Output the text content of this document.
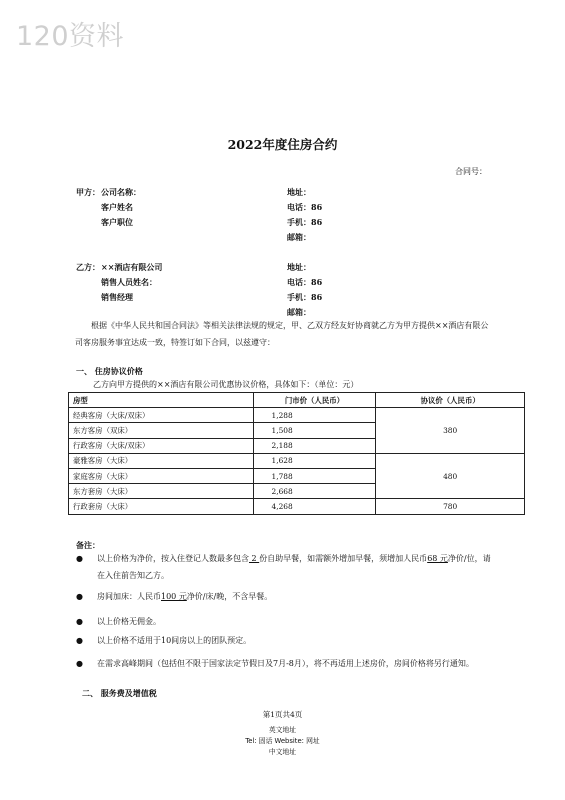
120资料
2022年度住房合约
合同号：
甲方： 公司名称：
客户姓名
客户职位
地址：
电话：86
手机：86
邮箱：
乙方： ××酒店有限公司
销售人员姓名：
销售经理
地址：
电话：86
手机：86
邮箱：
根据《中华人民共和国合同法》等相关法律法规的规定，甲、乙双方经友好协商就乙方为甲方提供××酒店有限公司客房服务事宜达成一致，特签订如下合同，以兹遵守：
一、 住房协议价格
乙方向甲方提供的××酒店有限公司优惠协议价格，具体如下：（单位：元）
房型	门市价（人民币）	协议价（人民币）
经典客房（大床/双床）	1,288	380
东方客房（双床）	1,508	
行政客房（大床/双床）	2,188	
豪雅客房（大床）	1,628	480
家庭客房（大床）	1,788	
东方套房（大床）	2,668	
行政套房（大床）	4,268	780
备注：
● 以上价格为净价，按入住登记人数最多包含 2 份自助早餐，如需额外增加早餐，须增加人民币68 元净价/位，请在入住前告知乙方。
● 房间加床：人民币100 元净价/床/晚，不含早餐。
● 以上价格无佣金。
● 以上价格不适用于10间房以上的团队预定。
● 在需求高峰期间（包括但不限于国家法定节假日及7月-8月），将不再适用上述房价，房间价格将另行通知。
二、 服务费及增值税
第1页共4页
英文地址
Tel: 固话 Website: 网址
中文地址
